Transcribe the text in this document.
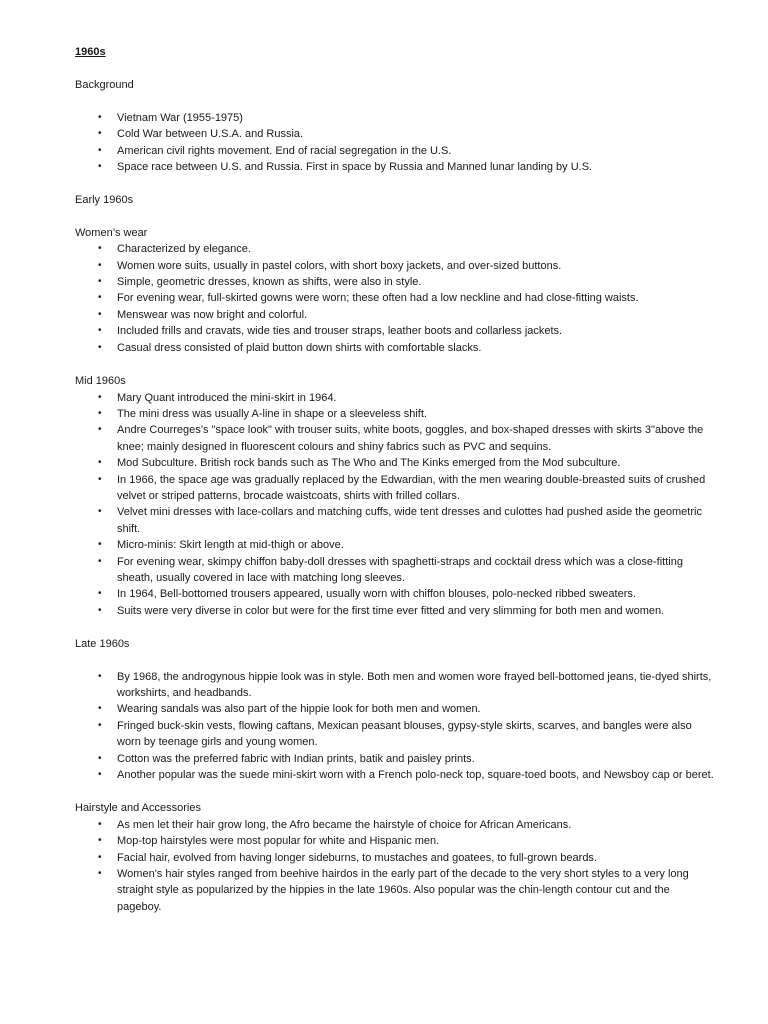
1960s
Background
•	Vietnam War (1955-1975)
•	Cold War between U.S.A. and Russia.
•	American civil rights movement. End of racial segregation in the U.S.
•	Space race between U.S. and Russia. First in space by Russia and Manned lunar landing by U.S.
Early 1960s
Women’s wear
•	Characterized by elegance.
•	Women wore suits, usually in pastel colors, with short boxy jackets, and over-sized buttons.
•	Simple, geometric dresses, known as shifts, were also in style.
•	For evening wear, full-skirted gowns were worn; these often had a low neckline and had close-fitting waists.
•	Menswear was now bright and colorful.
•	Included frills and cravats, wide ties and trouser straps, leather boots and collarless jackets.
•	Casual dress consisted of plaid button down shirts with comfortable slacks.
Mid 1960s
•	Mary Quant introduced the mini-skirt in 1964.
•	The mini dress was usually A-line in shape or a sleeveless shift.
•	Andre Courreges’s "space look" with trouser suits, white boots, goggles, and box-shaped dresses with skirts 3"above the knee; mainly designed in fluorescent colours and shiny fabrics such as PVC and sequins.
•	Mod Subculture. British rock bands such as The Who and The Kinks emerged from the Mod subculture.
•	In 1966, the space age was gradually replaced by the Edwardian, with the men wearing double-breasted suits of crushed velvet or striped patterns, brocade waistcoats, shirts with frilled collars.
•	Velvet mini dresses with lace-collars and matching cuffs, wide tent dresses and culottes had pushed aside the geometric shift.
•	Micro-minis: Skirt length at mid-thigh or above.
•	For evening wear, skimpy chiffon baby-doll dresses with spaghetti-straps and cocktail dress which was a close-fitting sheath, usually covered in lace with matching long sleeves.
•	In 1964, Bell-bottomed trousers appeared, usually worn with chiffon blouses, polo-necked ribbed sweaters.
•	Suits were very diverse in color but were for the first time ever fitted and very slimming for both men and women.
Late 1960s
•	By 1968, the androgynous hippie look was in style. Both men and women wore frayed bell-bottomed jeans, tie-dyed shirts, workshirts, and headbands.
•	Wearing sandals was also part of the hippie look for both men and women.
•	Fringed buck-skin vests, flowing caftans, Mexican peasant blouses, gypsy-style skirts, scarves, and bangles were also worn by teenage girls and young women.
•	Cotton was the preferred fabric with Indian prints, batik and paisley prints.
•	Another popular was the suede mini-skirt worn with a French polo-neck top, square-toed boots, and Newsboy cap or beret.
Hairstyle and Accessories
•	As men let their hair grow long, the Afro became the hairstyle of choice for African Americans.
•	Mop-top hairstyles were most popular for white and Hispanic men.
•	Facial hair, evolved from having longer sideburns, to mustaches and goatees, to full-grown beards.
•	Women's hair styles ranged from beehive hairdos in the early part of the decade to the very short styles to a very long straight style as popularized by the hippies in the late 1960s. Also popular was the chin-length contour cut and the pageboy.
